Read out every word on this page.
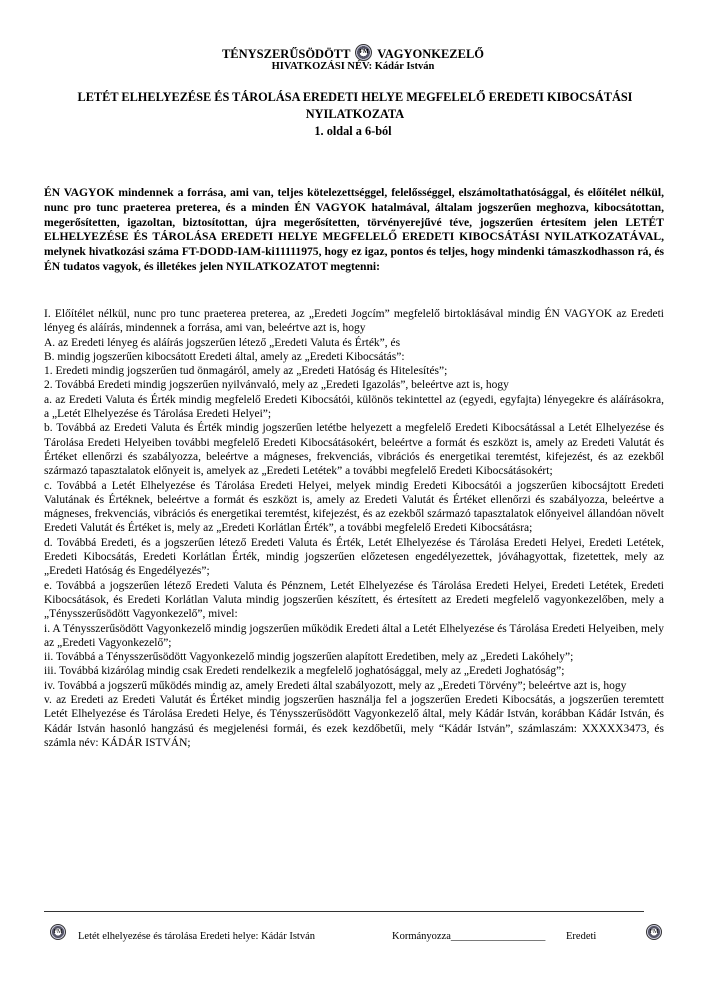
TÉNYSZERŰSÖDÖTT FM VAGYONKEZELŐ
HIVATKOZÁSI NÉV: Kádár István
LETÉT ELHELYEZÉSE ÉS TÁROLÁSA EREDETI HELYE MEGFELELŐ EREDETI KIBOCSÁTÁSI NYILATKOZATA
1. oldal a 6-ból

ÉN VAGYOK mindennek a forrása, ami van, teljes kötelezettséggel, felelősséggel, elszámoltathatósággal, és előítélet nélkül, nunc pro tunc praeterea preterea, és a minden ÉN VAGYOK hatalmával, általam jogszerűen meghozva, kibocsátottan, megerősítetten, igazoltan, biztosítottan, újra megerősítetten, törvényerejűvé téve, jogszerűen értesítem jelen LETÉT ELHELYEZÉSE ÉS TÁROLÁSA EREDETI HELYE MEGFELELŐ EREDETI KIBOCSÁTÁSI NYILATKOZATÁVAL, melynek hivatkozási száma FT-DODD-IAM-ki11111975, hogy ez igaz, pontos és teljes, hogy mindenki támaszkodhasson rá, és ÉN tudatos vagyok, és illetékes jelen NYILATKOZATOT megtenni:

I. Előítélet nélkül, nunc pro tunc praeterea preterea, az „Eredeti Jogcím” megfelelő birtoklásával mindig ÉN VAGYOK az Eredeti lényeg és aláírás, mindennek a forrása, ami van, beleértve azt is, hogy

A. az Eredeti lényeg és aláírás jogszerűen létező „Eredeti Valuta és Érték”, és

B. mindig jogszerűen kibocsátott Eredeti által, amely az „Eredeti Kibocsátás”:

1. Eredeti mindig jogszerűen tud önmagáról, amely az „Eredeti Hatóság és Hitelesítés”;

2. Továbbá Eredeti mindig jogszerűen nyilvánvaló, mely az „Eredeti Igazolás”, beleértve azt is, hogy

a. az Eredeti Valuta és Érték mindig megfelelő Eredeti Kibocsátói, különös tekintettel az (egyedi, egyfajta) lényegekre és aláírásokra, a „Letét Elhelyezése és Tárolása Eredeti Helyei”;

b. Továbbá az Eredeti Valuta és Érték mindig jogszerűen letétbe helyezett a megfelelő Eredeti Kibocsátással a Letét Elhelyezése és Tárolása Eredeti Helyeiben további megfelelő Eredeti Kibocsátásokért, beleértve a formát és eszközt is, amely az Eredeti Valutát és Értéket ellenőrzi és szabályozza, beleértve a mágneses, frekvenciás, vibrációs és energetikai teremtést, kifejezést, és az ezekből származó tapasztalatok előnyeit is, amelyek az „Eredeti Letétek” a további megfelelő Eredeti Kibocsátásokért;

c. Továbbá a Letét Elhelyezése és Tárolása Eredeti Helyei, melyek mindig Eredeti Kibocsátói a jogszerűen kibocsájtott Eredeti Valutának és Értéknek, beleértve a formát és eszközt is, amely az Eredeti Valutát és Értéket ellenőrzi és szabályozza, beleértve a mágneses, frekvenciás, vibrációs és energetikai teremtést, kifejezést, és az ezekből származó tapasztalatok előnyeivel állandóan növelt Eredeti Valutát és Értéket is, mely az „Eredeti Korlátlan Érték”, a további megfelelő Eredeti Kibocsátásra;

d. Továbbá Eredeti, és a jogszerűen létező Eredeti Valuta és Érték, Letét Elhelyezése és Tárolása Eredeti Helyei, Eredeti Letétek, Eredeti Kibocsátás, Eredeti Korlátlan Érték, mindig jogszerűen előzetesen engedélyezettek, jóváhagyottak, fizetettek, mely az „Eredeti Hatóság és Engedélyezés”;

e. Továbbá a jogszerűen létező Eredeti Valuta és Pénznem, Letét Elhelyezése és Tárolása Eredeti Helyei, Eredeti Letétek, Eredeti Kibocsátások, és Eredeti Korlátlan Valuta mindig jogszerűen készített, és értesített az Eredeti megfelelő vagyonkezelőben, mely a „Ténysszerűsödött Vagyonkezelő”, mivel:

i. A Ténysszerűsödött Vagyonkezelő mindig jogszerűen működik Eredeti által a Letét Elhelyezése és Tárolása Eredeti Helyeiben, mely az „Eredeti Vagyonkezelő”;

ii. Továbbá a Ténysszerűsödött Vagyonkezelő mindig jogszerűen alapított Eredetiben, mely az „Eredeti Lakóhely”;

iii. Továbbá kizárólag mindig csak Eredeti rendelkezik a megfelelő joghatósággal, mely az „Eredeti Joghatóság”;

iv. Továbbá a jogszerű működés mindig az, amely Eredeti által szabályozott, mely az „Eredeti Törvény”; beleértve azt is, hogy

v. az Eredeti az Eredeti Valutát és Értéket mindig jogszerűen használja fel a jogszerűen Eredeti Kibocsátás, a jogszerűen teremtett Letét Elhelyezése és Tárolása Eredeti Helye, és Ténysszerűsödött Vagyonkezelő által, mely Kádár István, korábban Kádár István, és Kádár István hasonló hangzású és megjelenési formái, és ezek kezdőbetűi, mely “Kádár István”, számlaszám: XXXXX3473, és számla név: KÁDÁR ISTVÁN;

FM	Letét elhelyezése és tárolása Eredeti helye: Kádár István	Kormányozza__________________ Eredeti	FM
